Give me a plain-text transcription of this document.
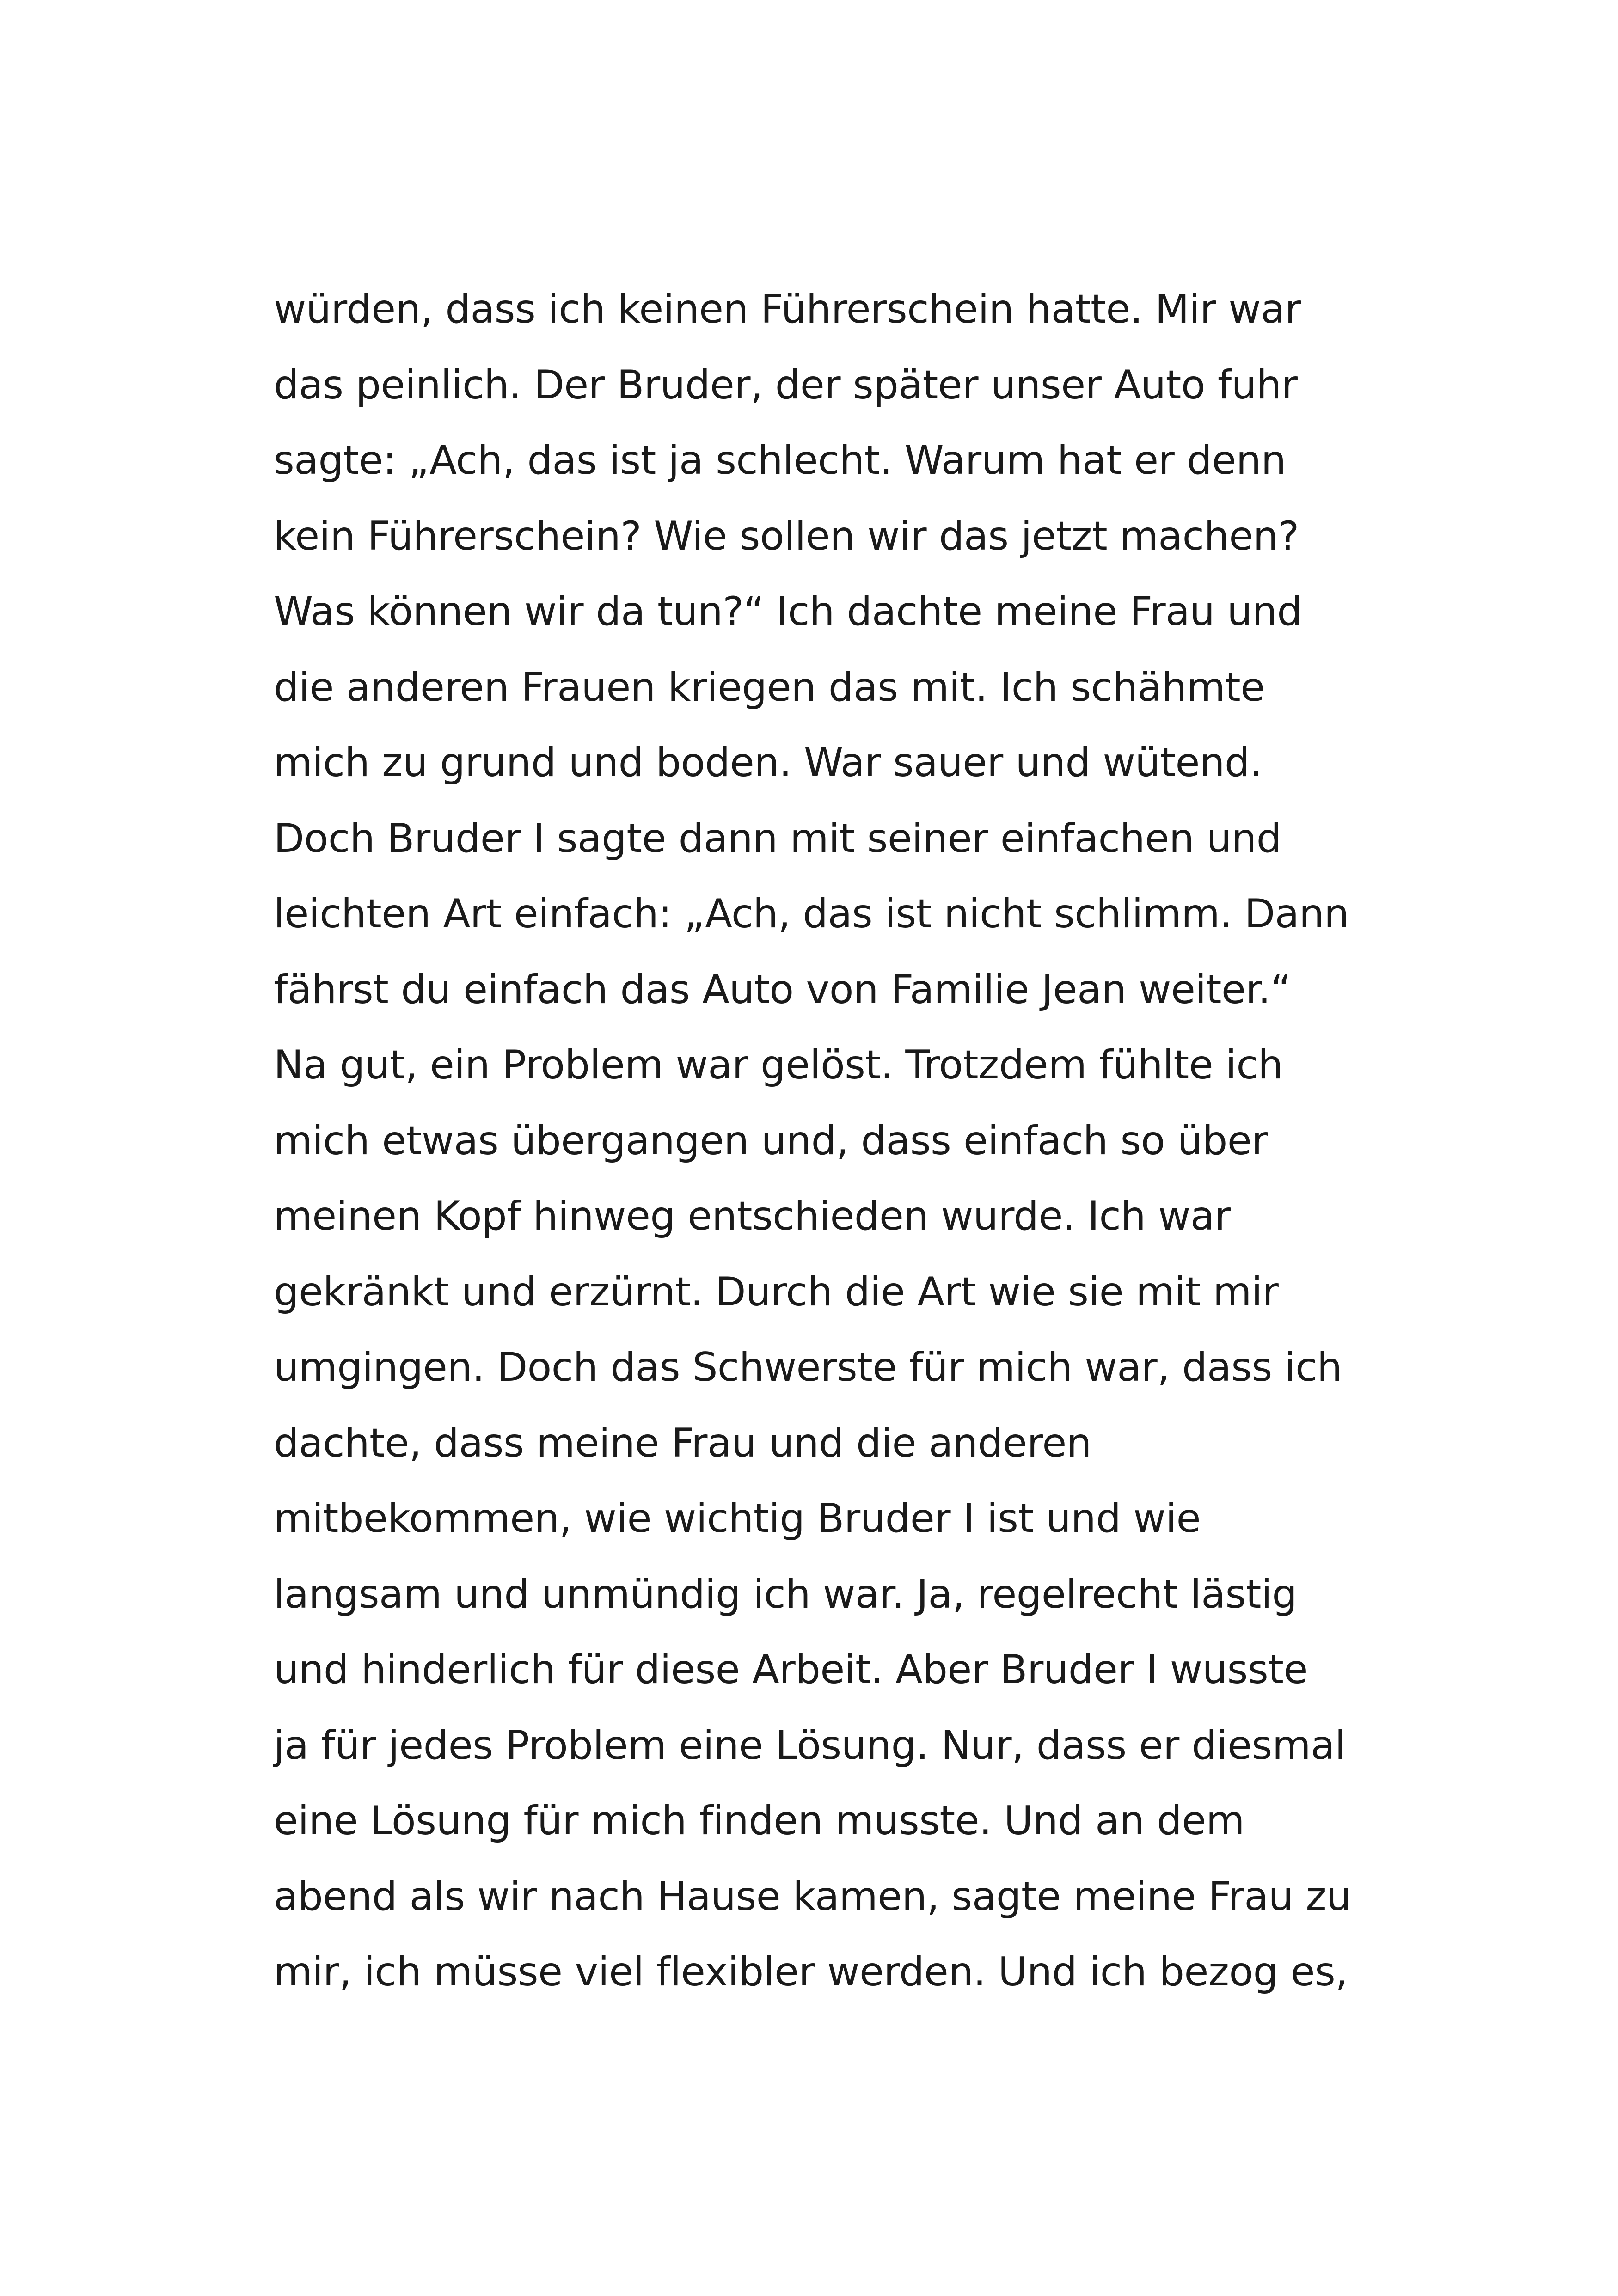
würden, dass ich keinen Führerschein hatte. Mir war
das peinlich. Der Bruder, der später unser Auto fuhr
sagte: „Ach, das ist ja schlecht. Warum hat er denn
kein Führerschein? Wie sollen wir das jetzt machen?
Was können wir da tun?“ Ich dachte meine Frau und
die anderen Frauen kriegen das mit. Ich schähmte
mich zu grund und boden. War sauer und wütend.
Doch Bruder I sagte dann mit seiner einfachen und
leichten Art einfach: „Ach, das ist nicht schlimm. Dann
fährst du einfach das Auto von Familie Jean weiter.“
Na gut, ein Problem war gelöst. Trotzdem fühlte ich
mich etwas übergangen und, dass einfach so über
meinen Kopf hinweg entschieden wurde. Ich war
gekränkt und erzürnt. Durch die Art wie sie mit mir
umgingen. Doch das Schwerste für mich war, dass ich
dachte, dass meine Frau und die anderen
mitbekommen, wie wichtig Bruder I ist und wie
langsam und unmündig ich war. Ja, regelrecht lästig
und hinderlich für diese Arbeit. Aber Bruder I wusste
ja für jedes Problem eine Lösung. Nur, dass er diesmal
eine Lösung für mich finden musste. Und an dem
abend als wir nach Hause kamen, sagte meine Frau zu
mir, ich müsse viel flexibler werden. Und ich bezog es,
